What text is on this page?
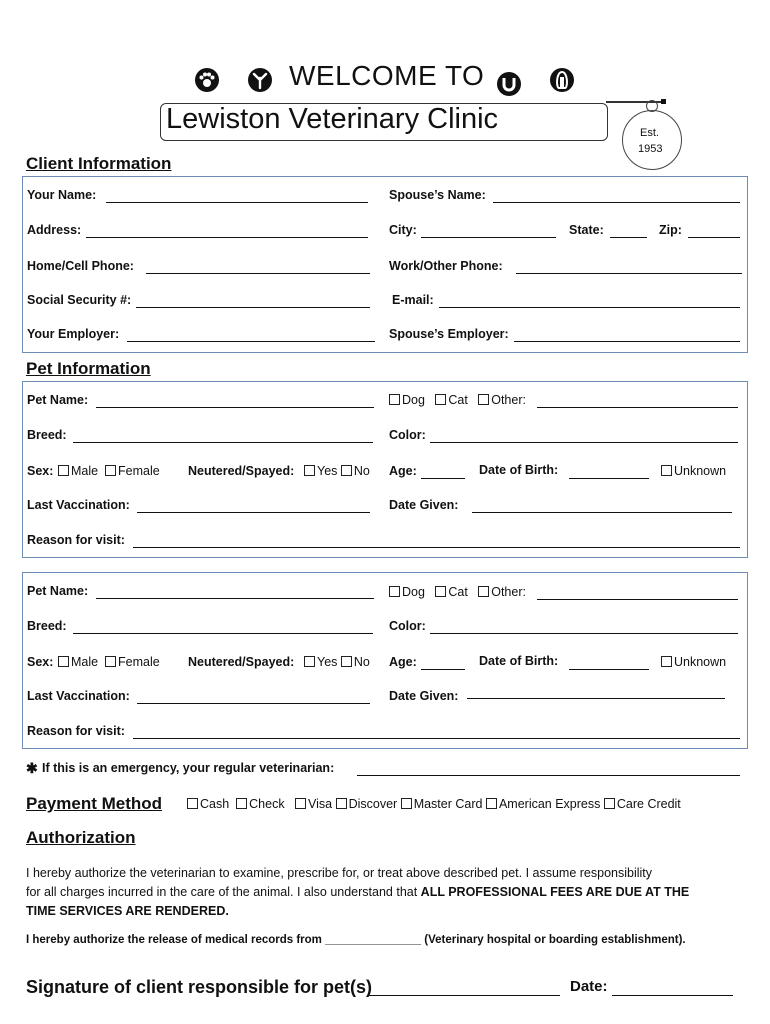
WELCOME TO
Lewiston Veterinary Clinic	Est.
1953
Client Information
Your Name:	Spouse’s Name:
Address:	City:	State:	Zip:
Home/Cell Phone:	Work/Other Phone:
Social Security #:	E-mail:
Your Employer:	Spouse’s Employer:
Pet Information
Pet Name:	Dog Cat Other:
Breed:	Color:
Sex:	Male Female Neutered/Spayed:	Yes No Age:	Date of Birth:	Unknown
Last Vaccination:	Date Given:
Reason for visit:
Pet Name:	Dog Cat Other:
Breed:	Color:
Sex:	Male Female Neutered/Spayed:	Yes No Age:	Date of Birth:	Unknown
Last Vaccination:	Date Given:
Reason for visit:
✱ If this is an emergency, your regular veterinarian:
Payment Method	Cash Check Visa Discover Master Card American Express Care Credit
Authorization
I hereby authorize the veterinarian to examine, prescribe for, or treat above described pet. I assume responsibility
for all charges incurred in the care of the animal. I also understand that ALL PROFESSIONAL FEES ARE DUE AT THE
TIME SERVICES ARE RENDERED.
I hereby authorize the release of medical records from _______________ (Veterinary hospital or boarding establishment).
Signature of client responsible for pet(s)	Date:
